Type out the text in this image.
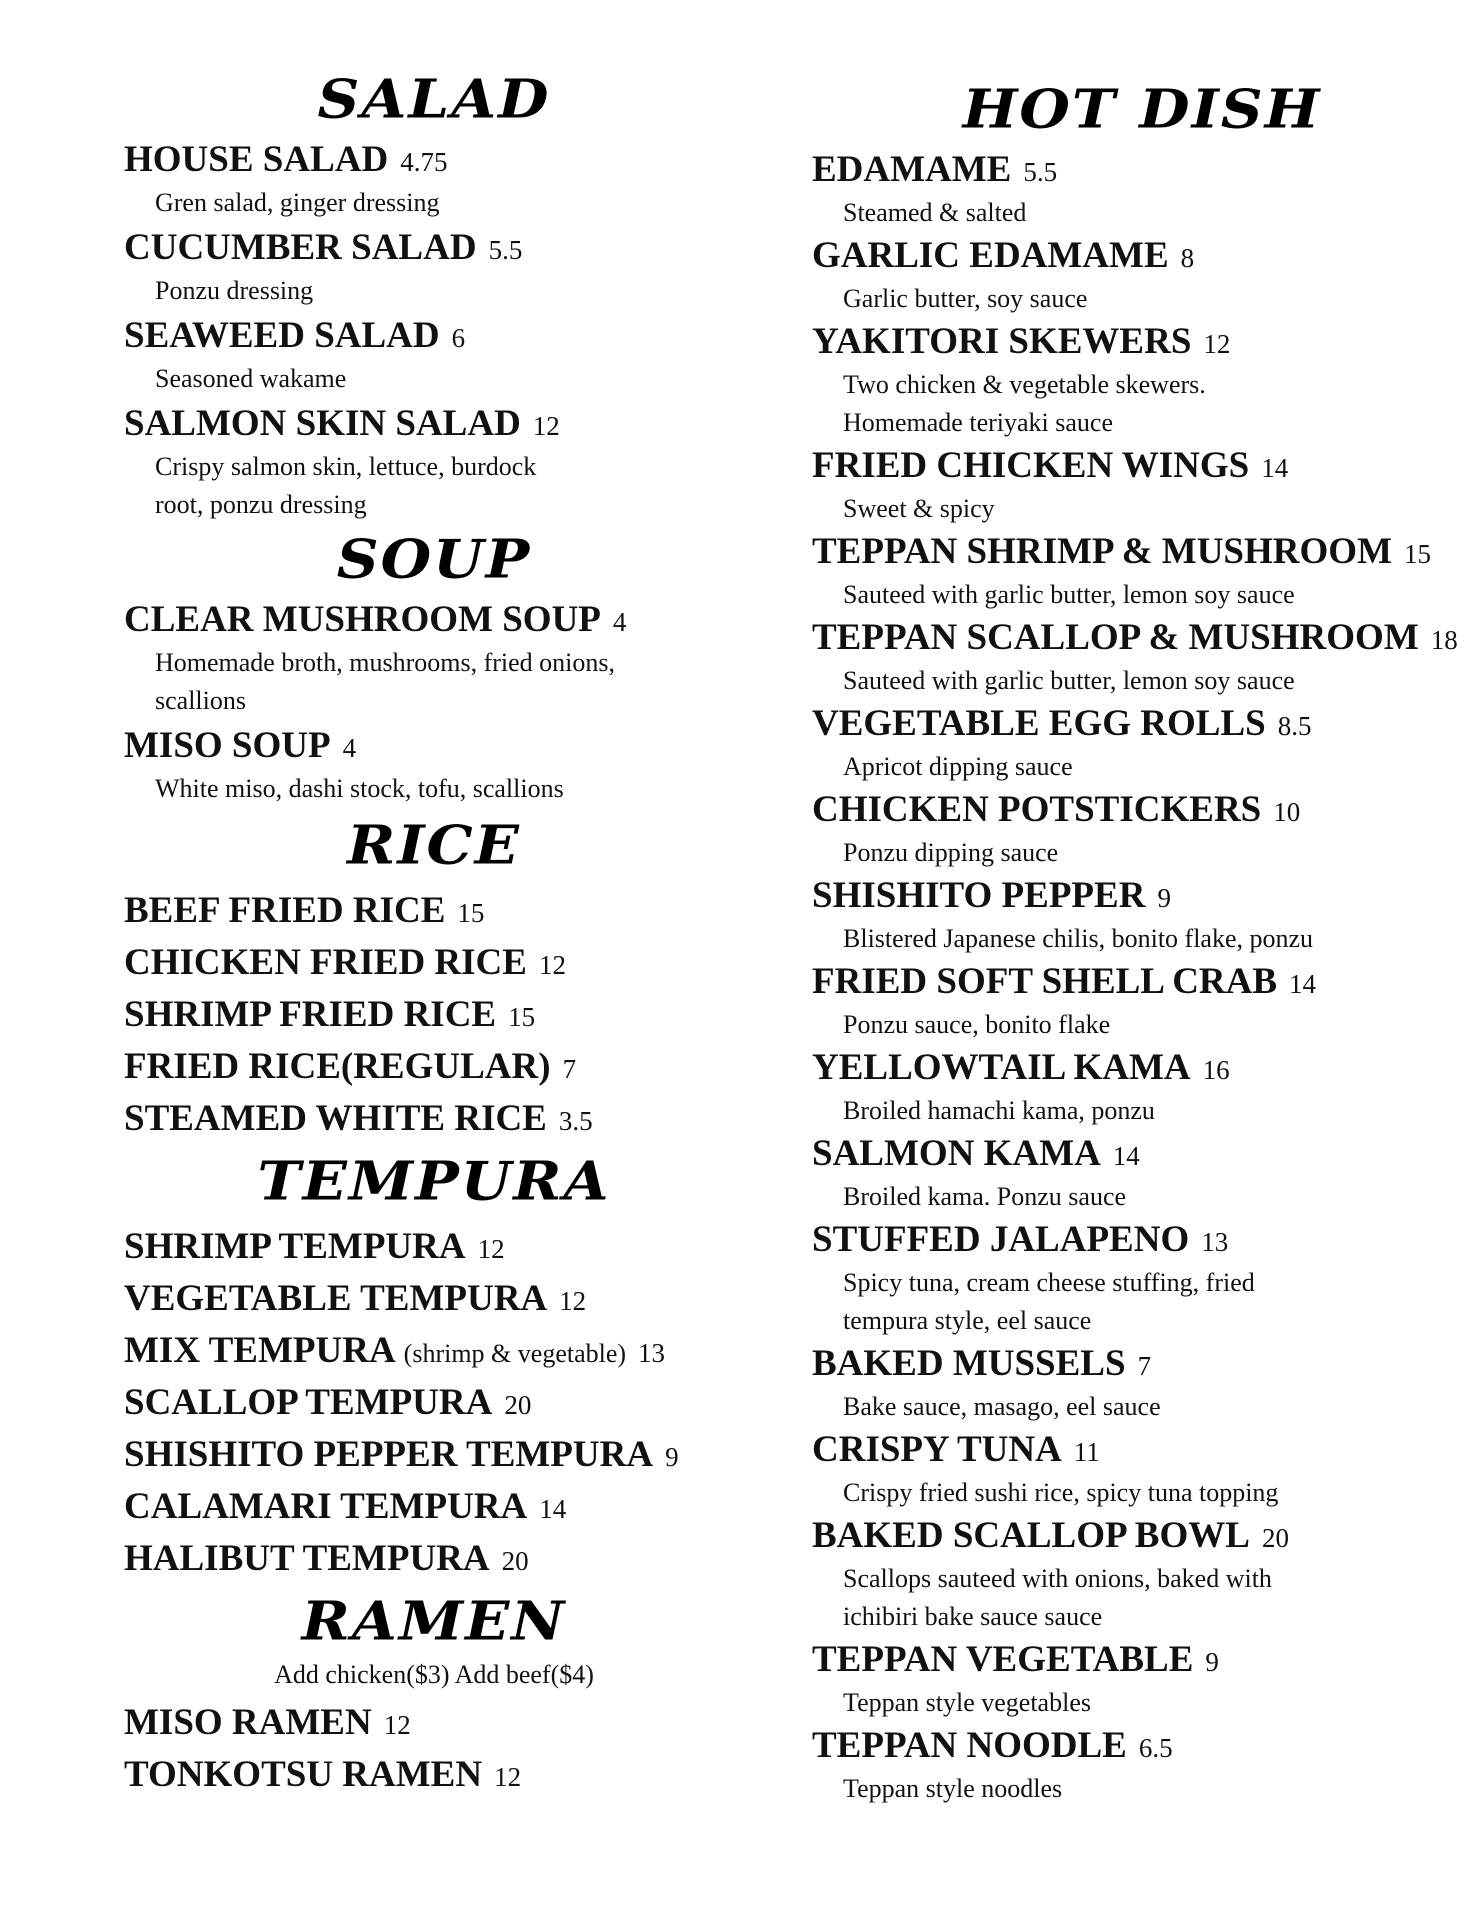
SALAD
HOUSE SALAD 4.75
Gren salad, ginger dressing
CUCUMBER SALAD 5.5
Ponzu dressing
SEAWEED SALAD 6
Seasoned wakame
SALMON SKIN SALAD 12
Crispy salmon skin, lettuce, burdock
root, ponzu dressing
SOUP
CLEAR MUSHROOM SOUP 4
Homemade broth, mushrooms, fried onions,
scallions
MISO SOUP 4
White miso, dashi stock, tofu, scallions
RICE
BEEF FRIED RICE 15
CHICKEN FRIED RICE 12
SHRIMP FRIED RICE 15
FRIED RICE(REGULAR) 7
STEAMED WHITE RICE 3.5
TEMPURA
SHRIMP TEMPURA 12
VEGETABLE TEMPURA 12
MIX TEMPURA (shrimp & vegetable) 13
SCALLOP TEMPURA 20
SHISHITO PEPPER TEMPURA 9
CALAMARI TEMPURA 14
HALIBUT TEMPURA 20
RAMEN
Add chicken($3) Add beef($4)
MISO RAMEN 12
TONKOTSU RAMEN 12
HOT DISH
EDAMAME 5.5
Steamed & salted
GARLIC EDAMAME 8
Garlic butter, soy sauce
YAKITORI SKEWERS 12
Two chicken & vegetable skewers.
Homemade teriyaki sauce
FRIED CHICKEN WINGS 14
Sweet & spicy
TEPPAN SHRIMP & MUSHROOM 15
Sauteed with garlic butter, lemon soy sauce
TEPPAN SCALLOP & MUSHROOM 18
Sauteed with garlic butter, lemon soy sauce
VEGETABLE EGG ROLLS 8.5
Apricot dipping sauce
CHICKEN POTSTICKERS 10
Ponzu dipping sauce
SHISHITO PEPPER 9
Blistered Japanese chilis, bonito flake, ponzu
FRIED SOFT SHELL CRAB 14
Ponzu sauce, bonito flake
YELLOWTAIL KAMA 16
Broiled hamachi kama, ponzu
SALMON KAMA 14
Broiled kama. Ponzu sauce
STUFFED JALAPENO 13
Spicy tuna, cream cheese stuffing, fried
tempura style, eel sauce
BAKED MUSSELS 7
Bake sauce, masago, eel sauce
CRISPY TUNA 11
Crispy fried sushi rice, spicy tuna topping
BAKED SCALLOP BOWL 20
Scallops sauteed with onions, baked with
ichibiri bake sauce sauce
TEPPAN VEGETABLE 9
Teppan style vegetables
TEPPAN NOODLE 6.5
Teppan style noodles
